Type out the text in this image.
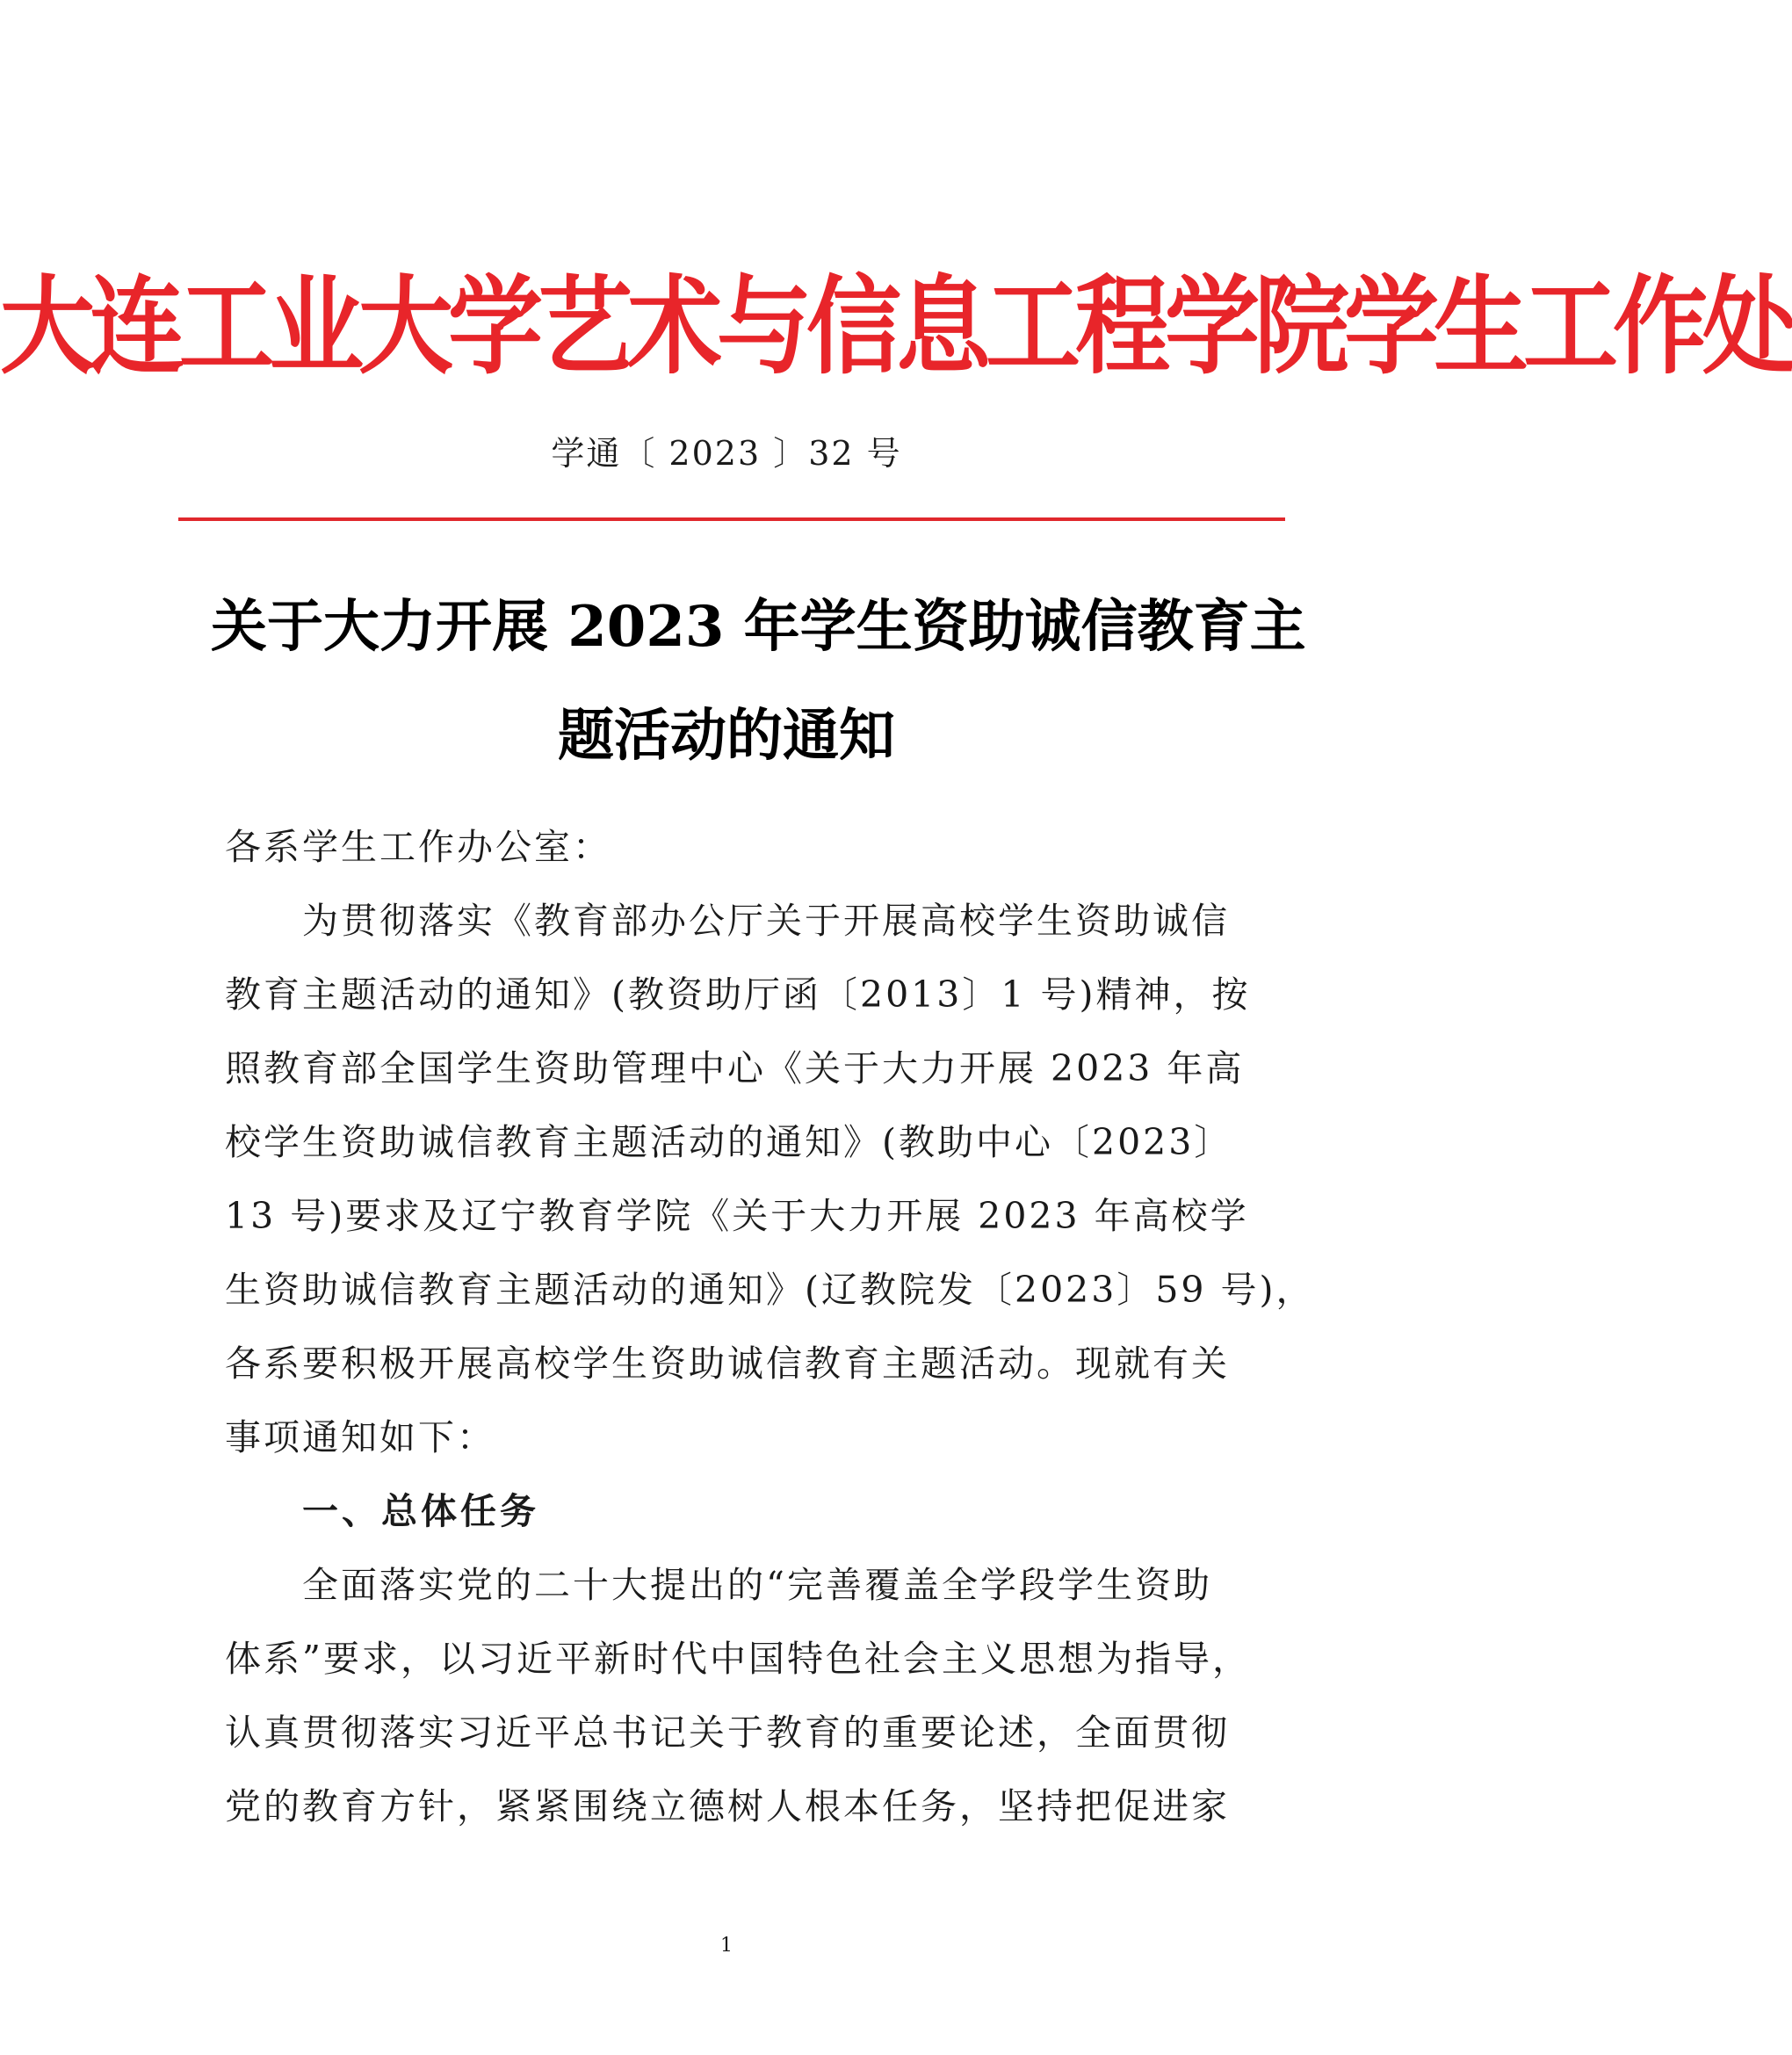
大连工业大学艺术与信息工程学院学生工作处
学通〔 2023 〕32 号
关于大力开展 2023 年学生资助诚信教育主
题活动的通知
各系学生工作办公室：
为贯彻落实《教育部办公厅关于开展高校学生资助诚信
教育主题活动的通知》(教资助厅函〔2013〕1 号)精神，按
照教育部全国学生资助管理中心《关于大力开展 2023 年高
校学生资助诚信教育主题活动的通知》(教助中心〔2023〕
13 号)要求及辽宁教育学院《关于大力开展 2023 年高校学
生资助诚信教育主题活动的通知》(辽教院发〔2023〕59 号)，
各系要积极开展高校学生资助诚信教育主题活动。现就有关
事项通知如下：
一、总体任务
全面落实党的二十大提出的“完善覆盖全学段学生资助
体系”要求，以习近平新时代中国特色社会主义思想为指导，
认真贯彻落实习近平总书记关于教育的重要论述，全面贯彻
党的教育方针，紧紧围绕立德树人根本任务，坚持把促进家
1
